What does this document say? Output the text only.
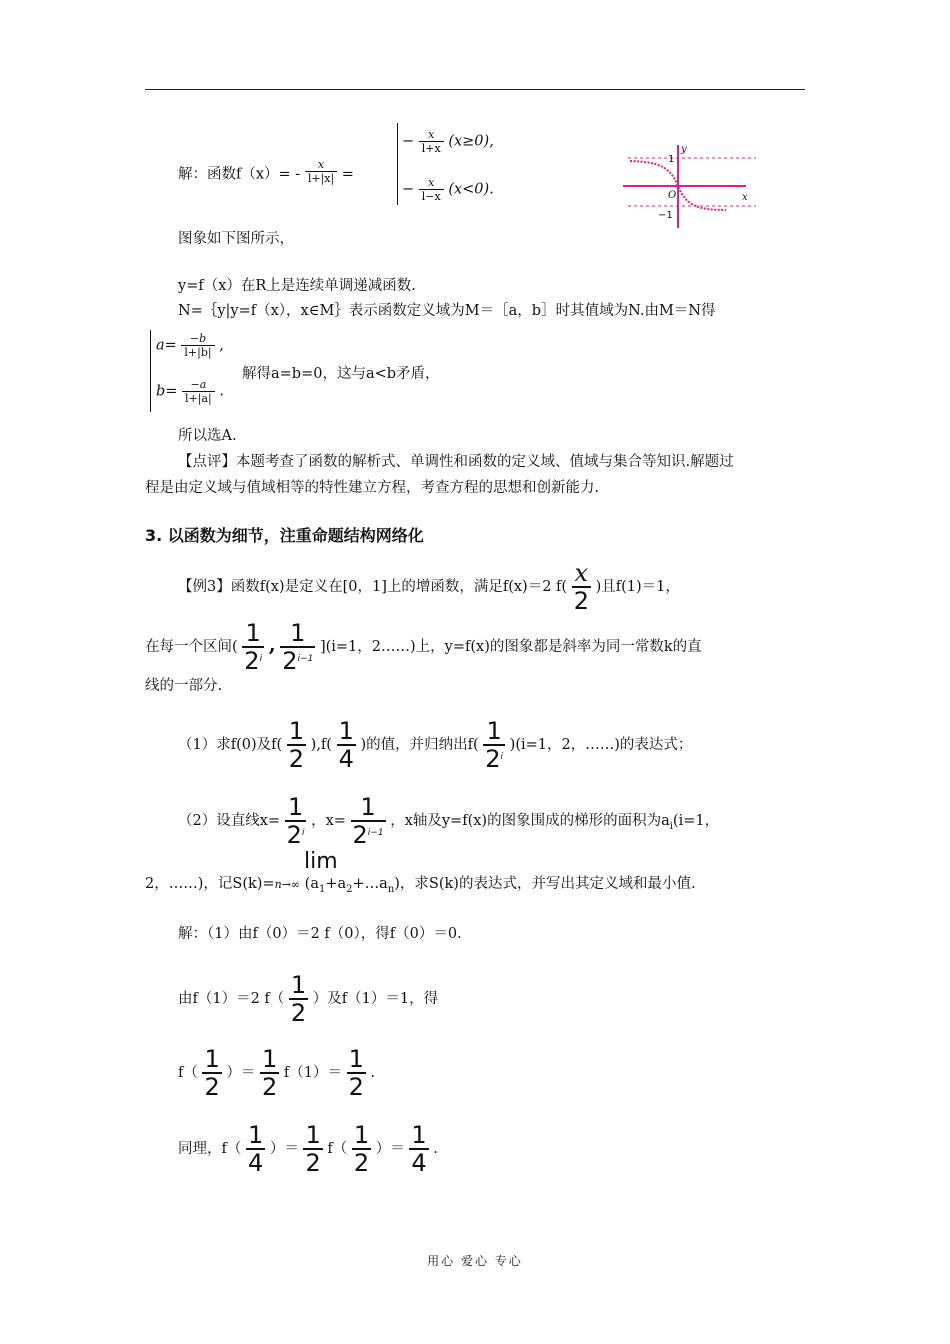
解：函数$f(x)= - \frac{x}{l+|x|}$ =
− $\frac{x}{l+x} (x\ge 0)$,
− $\frac{x}{l-x} (x<0)$.
y
x
O
1
−1
图象如下图所示，
y=f（x）在R上是连续单调递减函数.
N=｛y|y=f（x），x∈M｝表示函数定义域为M＝［a，b］时其值域为N.由M＝N得
$a= \frac{-b}{l+|b|}$ ,
$b= \frac{-a}{l+|a|}$ .
解得a=b=0，这与a<b矛盾，
所以选A.
【点评】本题考查了函数的解析式、单调性和函数的定义域、值域与集合等知识.解题过
程是由定义域与值域相等的特性建立方程，考查方程的思想和创新能力.
3. 以函数为细节，注重命题结构网络化
【例3】函数f(x)是定义在[0，1]上的增函数，满足f(x)＝2 $f( \frac{x}{2}$ )且f(1)＝1，
在每一个区间( $\frac{1}{2^i}$ , $\frac{1}{2^{i-1}} ](i=1$，2……)上，y=f(x)的图象都是斜率为同一常数k的直
线的一部分.
（1）求f(0)及$f( \frac{1}{2} ),f( \frac{1}{4}$ )的值，并归纳出$f( \frac{1}{2^i} )(i=1$，2，……)的表达式；
（2）设直线$x= \frac{1}{2^i}$ ，$x= \frac{1}{2^{i-1}}$ ，x轴及y=f(x)的图象围成的梯形的面积为$a_i(i=1$，
lim
2，……)，记S(k)=n→∞ $(a_1+a_2+\dots a_n)$，求S(k)的表达式，并写出其定义域和最小值.
解：（1）由f（0）＝2 f（0），得f（0）＝0.
由f（1）＝2 $f( \frac{1}{2}$ ）及f（1）＝1，得
$f( \frac{1}{2}$ ）＝ $\frac{1}{2} f(1)= \frac{1}{2}$ .
同理，$f( \frac{1}{4}$ ）＝ $\frac{1}{2} f( \frac{1}{2}$ ）＝ $\frac{1}{4}$ .
用心 爱心 专心
